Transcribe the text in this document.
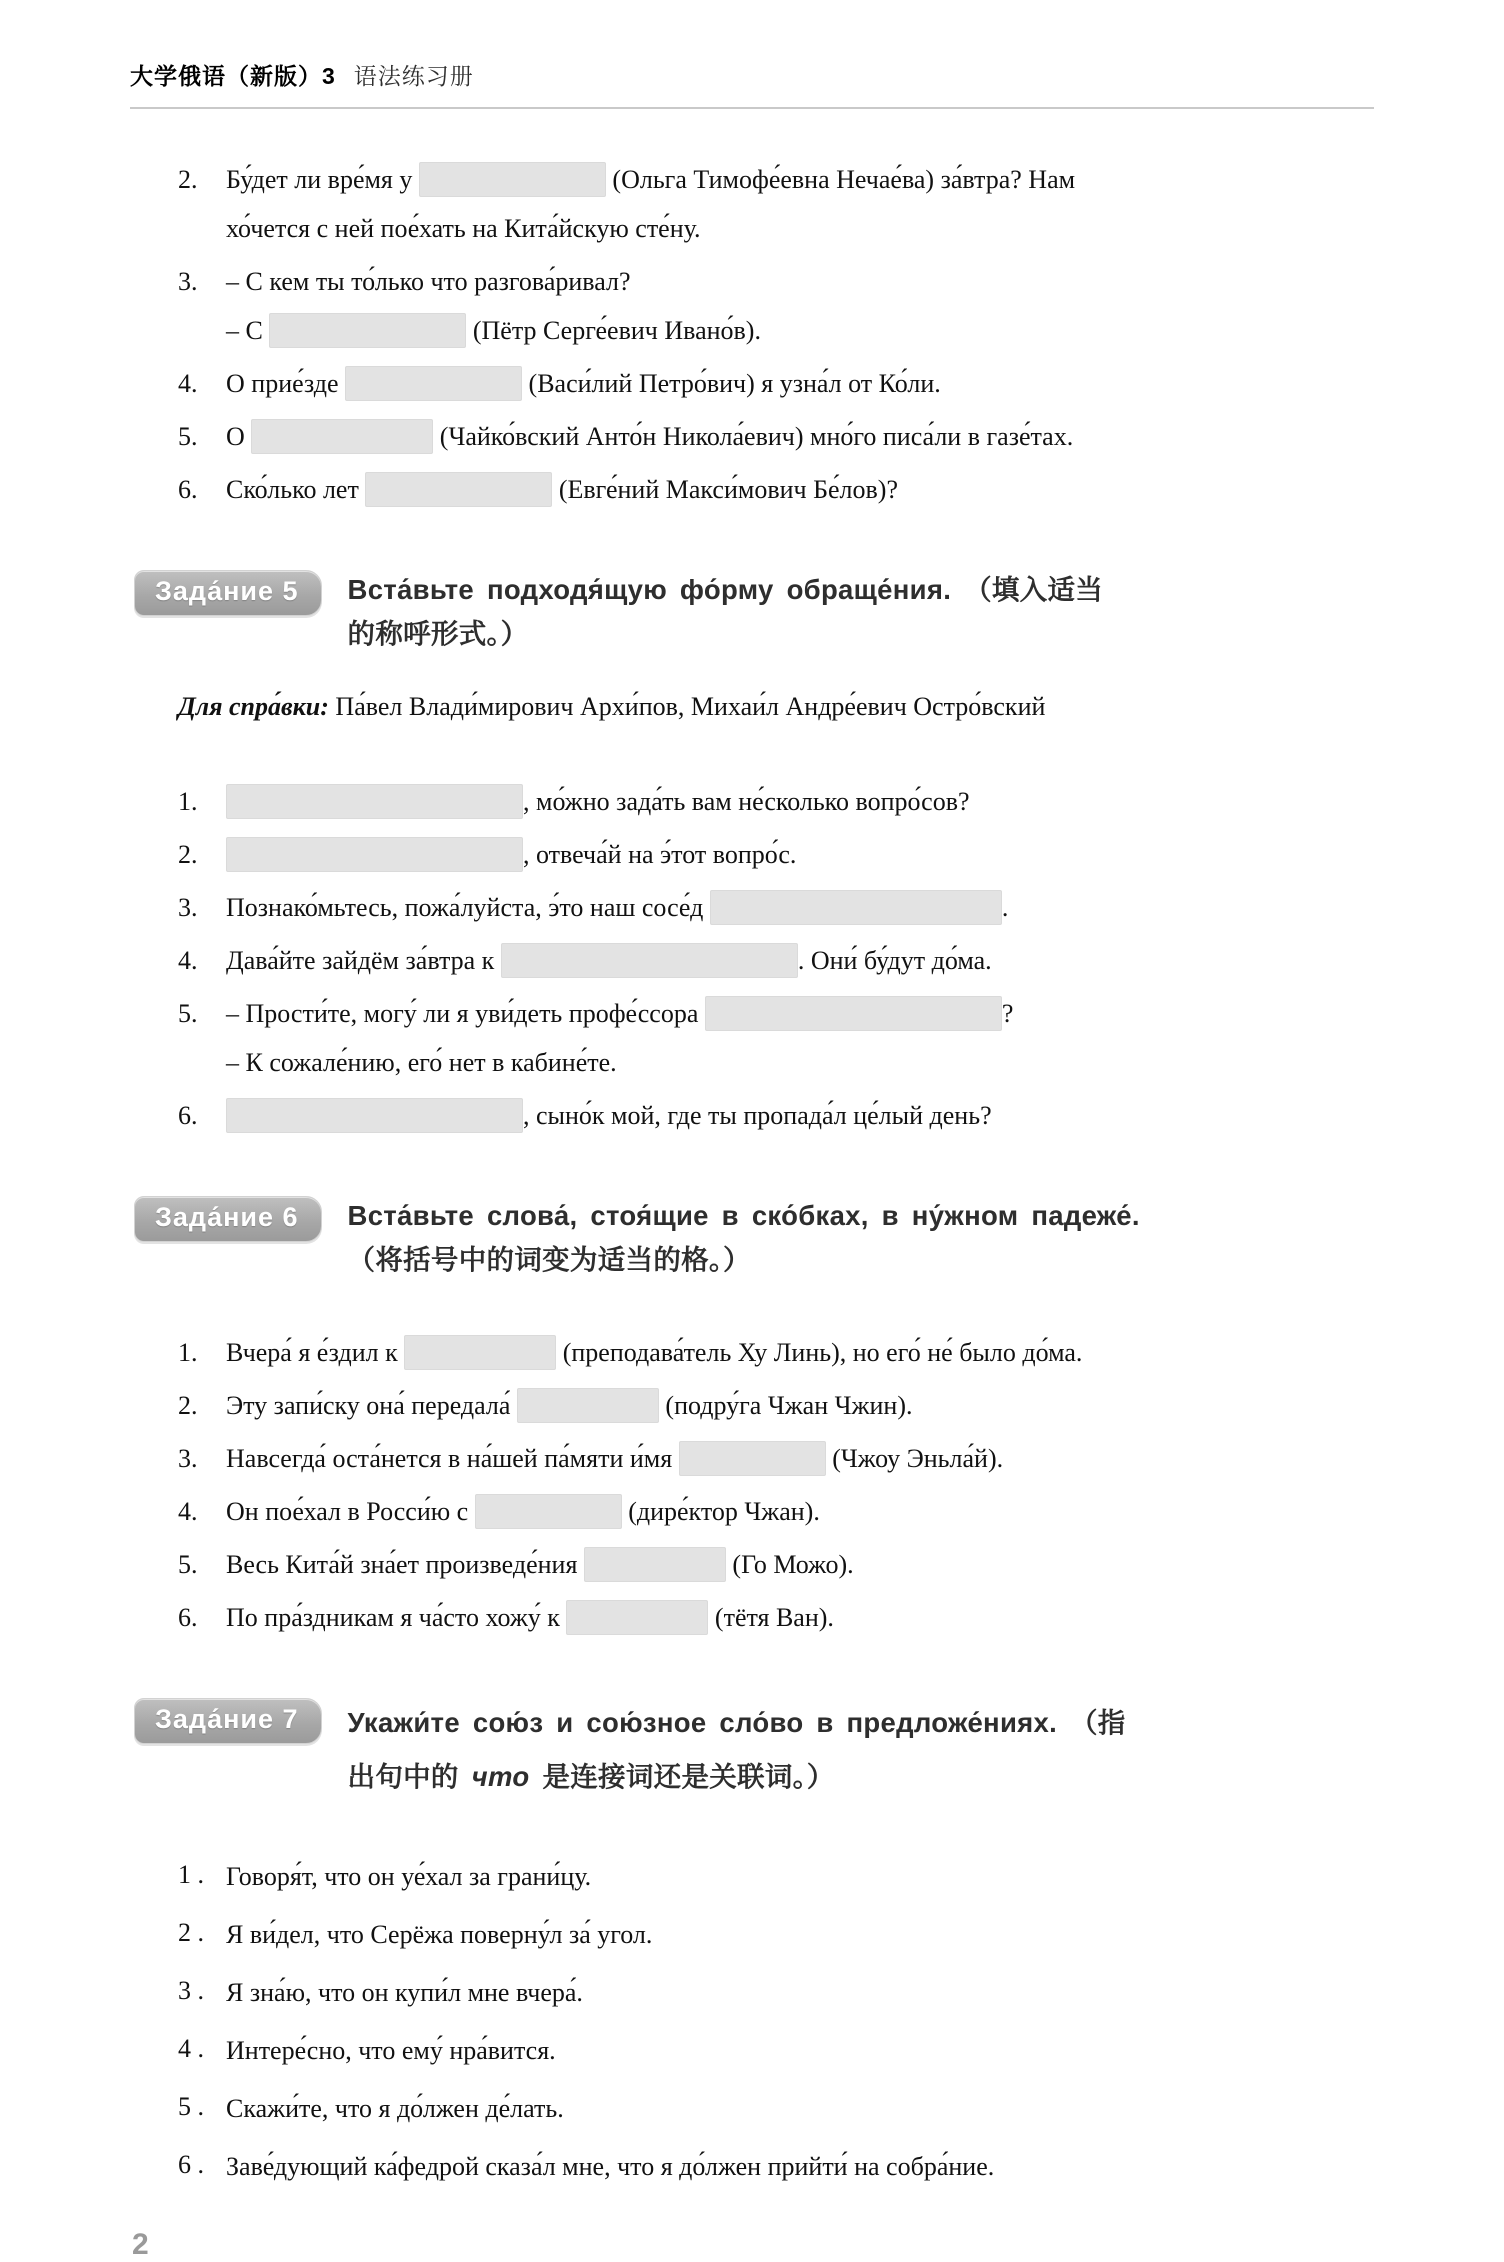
大学俄语（新版）3 语法练习册
2.	Бу́дет ли вре́мя у	(Ольга Тимофе́евна Нечае́ва) за́втра? Нам
хо́чется с ней пое́хать на Кита́йскую сте́ну.
3.	– С кем ты то́лько что разгова́ривал?
– С	(Пётр Серге́евич Ивано́в).
4.	О прие́зде	(Васи́лий Петро́вич) я узна́л от Ко́ли.
5.	О	(Чайко́вский Анто́н Никола́евич) мно́го писа́ли в газе́тах.
6.	Ско́лько лет	(Евге́ний Макси́мович Бе́лов)?
Зада́ние 5	Вста́вьте подходя́щую фо́рму обраще́ния. （填入适当
的称呼形式。）
Для спра́вки: Па́вел Влади́мирович Архи́пов, Михаи́л Андре́евич Остро́вский
1.	, мо́жно зада́ть вам не́сколько вопро́сов?
2.	, отвеча́й на э́тот вопро́с.
3.	Познако́мьтесь, пожа́луйста, э́то наш сосе́д	.
4.	Дава́йте зайдём за́втра к	. Они́ бу́дут до́ма.
5.	– Прости́те, могу́ ли я уви́деть профе́ссора	?
– К сожале́нию, его́ нет в кабине́те.
6.	, сыно́к мой, где ты пропада́л це́лый день?
Зада́ние 6	Вста́вьте слова́, стоя́щие в ско́бках, в ну́жном падеже́.
（将括号中的词变为适当的格。）
1.	Вчера́ я е́здил к	(преподава́тель Ху Линь), но его́ не́ было до́ма.
2.	Эту запи́ску она́ передала́	(подру́га Чжан Чжин).
3.	Навсегда́ оста́нется в на́шей па́мяти и́мя	(Чжоу Эньла́й).
4.	Он пое́хал в Росси́ю с	(дире́ктор Чжан).
5.	Весь Кита́й зна́ет произведе́ния	(Го Можо).
6.	По пра́здникам я ча́сто хожу́ к	(тётя Ван).
Зада́ние 7	Укажи́те сою́з и сою́зное сло́во в предложе́ниях. （指
出句中的 что 是连接词还是关联词。）
1 . Говоря́т, что он уе́хал за грани́цу.
2 . Я ви́дел, что Серёжа поверну́л за́ угол.
3 . Я зна́ю, что он купи́л мне вчера́.
4 . Интере́сно, что ему́ нра́вится.
5 . Скажи́те, что я до́лжен де́лать.
6 . Заве́дующий ка́федрой сказа́л мне, что я до́лжен прийти́ на собра́ние.
2
